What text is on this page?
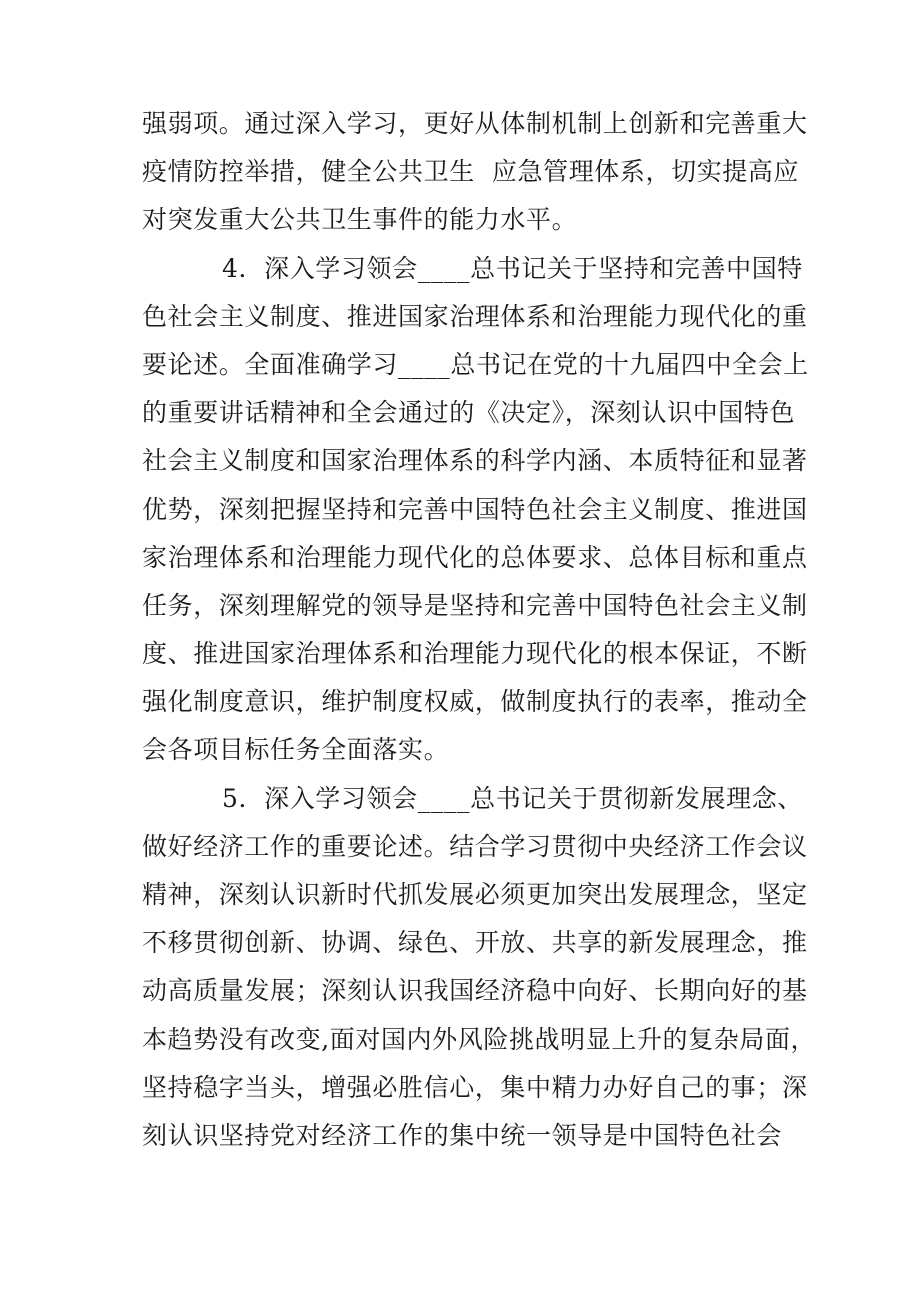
强弱项。通过深入学习，更好从体制机制上创新和完善重大
疫情防控举措，健全公共卫生  应急管理体系，切实提高应
对突发重大公共卫生事件的能力水平。
4．深入学习领会____总书记关于坚持和完善中国特
色社会主义制度、推进国家治理体系和治理能力现代化的重
要论述。全面准确学习____总书记在党的十九届四中全会上
的重要讲话精神和全会通过的《决定》，深刻认识中国特色
社会主义制度和国家治理体系的科学内涵、本质特征和显著
优势，深刻把握坚持和完善中国特色社会主义制度、推进国
家治理体系和治理能力现代化的总体要求、总体目标和重点
任务，深刻理解党的领导是坚持和完善中国特色社会主义制
度、推进国家治理体系和治理能力现代化的根本保证，不断
强化制度意识，维护制度权威，做制度执行的表率，推动全
会各项目标任务全面落实。
5．深入学习领会____总书记关于贯彻新发展理念、
做好经济工作的重要论述。结合学习贯彻中央经济工作会议
精神，深刻认识新时代抓发展必须更加突出发展理念，坚定
不移贯彻创新、协调、绿色、开放、共享的新发展理念，推
动高质量发展；深刻认识我国经济稳中向好、长期向好的基
本趋势没有改变,面对国内外风险挑战明显上升的复杂局面，
坚持稳字当头，增强必胜信心，集中精力办好自己的事；深
刻认识坚持党对经济工作的集中统一领导是中国特色社会
